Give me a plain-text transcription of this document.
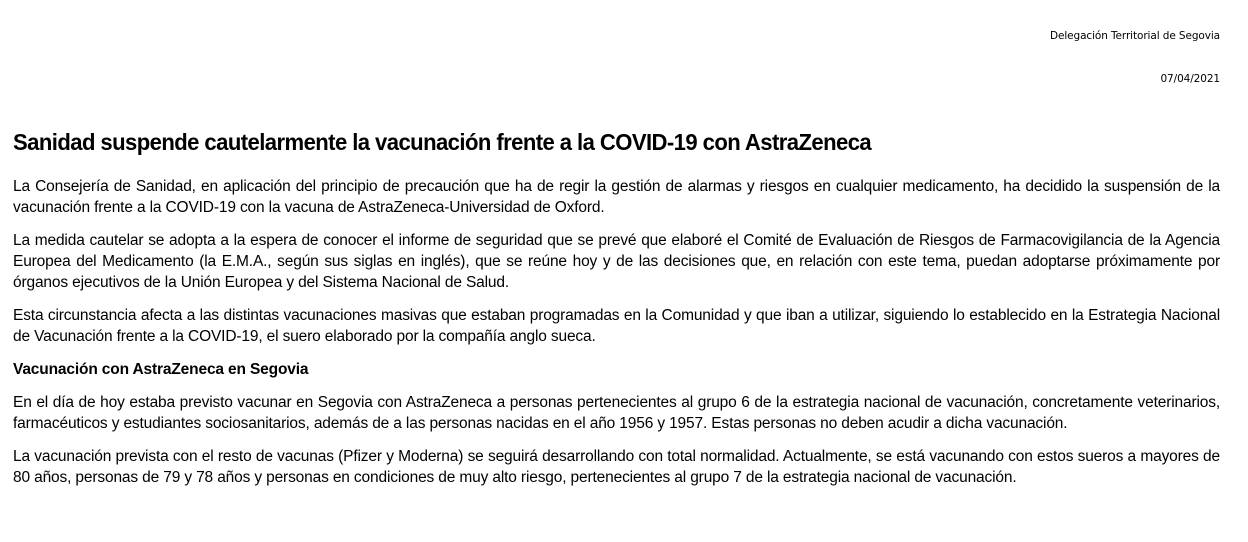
Delegación Territorial de Segovia
07/04/2021
Sanidad suspende cautelarmente la vacunación frente a la COVID-19 con AstraZeneca

La Consejería de Sanidad, en aplicación del principio de precaución que ha de regir la gestión de alarmas y riesgos en cualquier medicamento, ha decidido la suspensión de la vacunación frente a la COVID-19 con la vacuna de AstraZeneca-Universidad de Oxford.

La medida cautelar se adopta a la espera de conocer el informe de seguridad que se prevé que elaboré el Comité de Evaluación de Riesgos de Farmacovigilancia de la Agencia Europea del Medicamento (la E.M.A., según sus siglas en inglés), que se reúne hoy y de las decisiones que, en relación con este tema, puedan adoptarse próximamente por órganos ejecutivos de la Unión Europea y del Sistema Nacional de Salud.

Esta circunstancia afecta a las distintas vacunaciones masivas que estaban programadas en la Comunidad y que iban a utilizar, siguiendo lo establecido en la Estrategia Nacional de Vacunación frente a la COVID-19, el suero elaborado por la compañía anglo sueca.

Vacunación con AstraZeneca en Segovia

En el día de hoy estaba previsto vacunar en Segovia con AstraZeneca a personas pertenecientes al grupo 6 de la estrategia nacional de vacunación, concretamente veterinarios, farmacéuticos y estudiantes sociosanitarios, además de a las personas nacidas en el año 1956 y 1957. Estas personas no deben acudir a dicha vacunación.

La vacunación prevista con el resto de vacunas (Pfizer y Moderna) se seguirá desarrollando con total normalidad. Actualmente, se está vacunando con estos sueros a mayores de 80 años, personas de 79 y 78 años y personas en condiciones de muy alto riesgo, pertenecientes al grupo 7 de la estrategia nacional de vacunación.
